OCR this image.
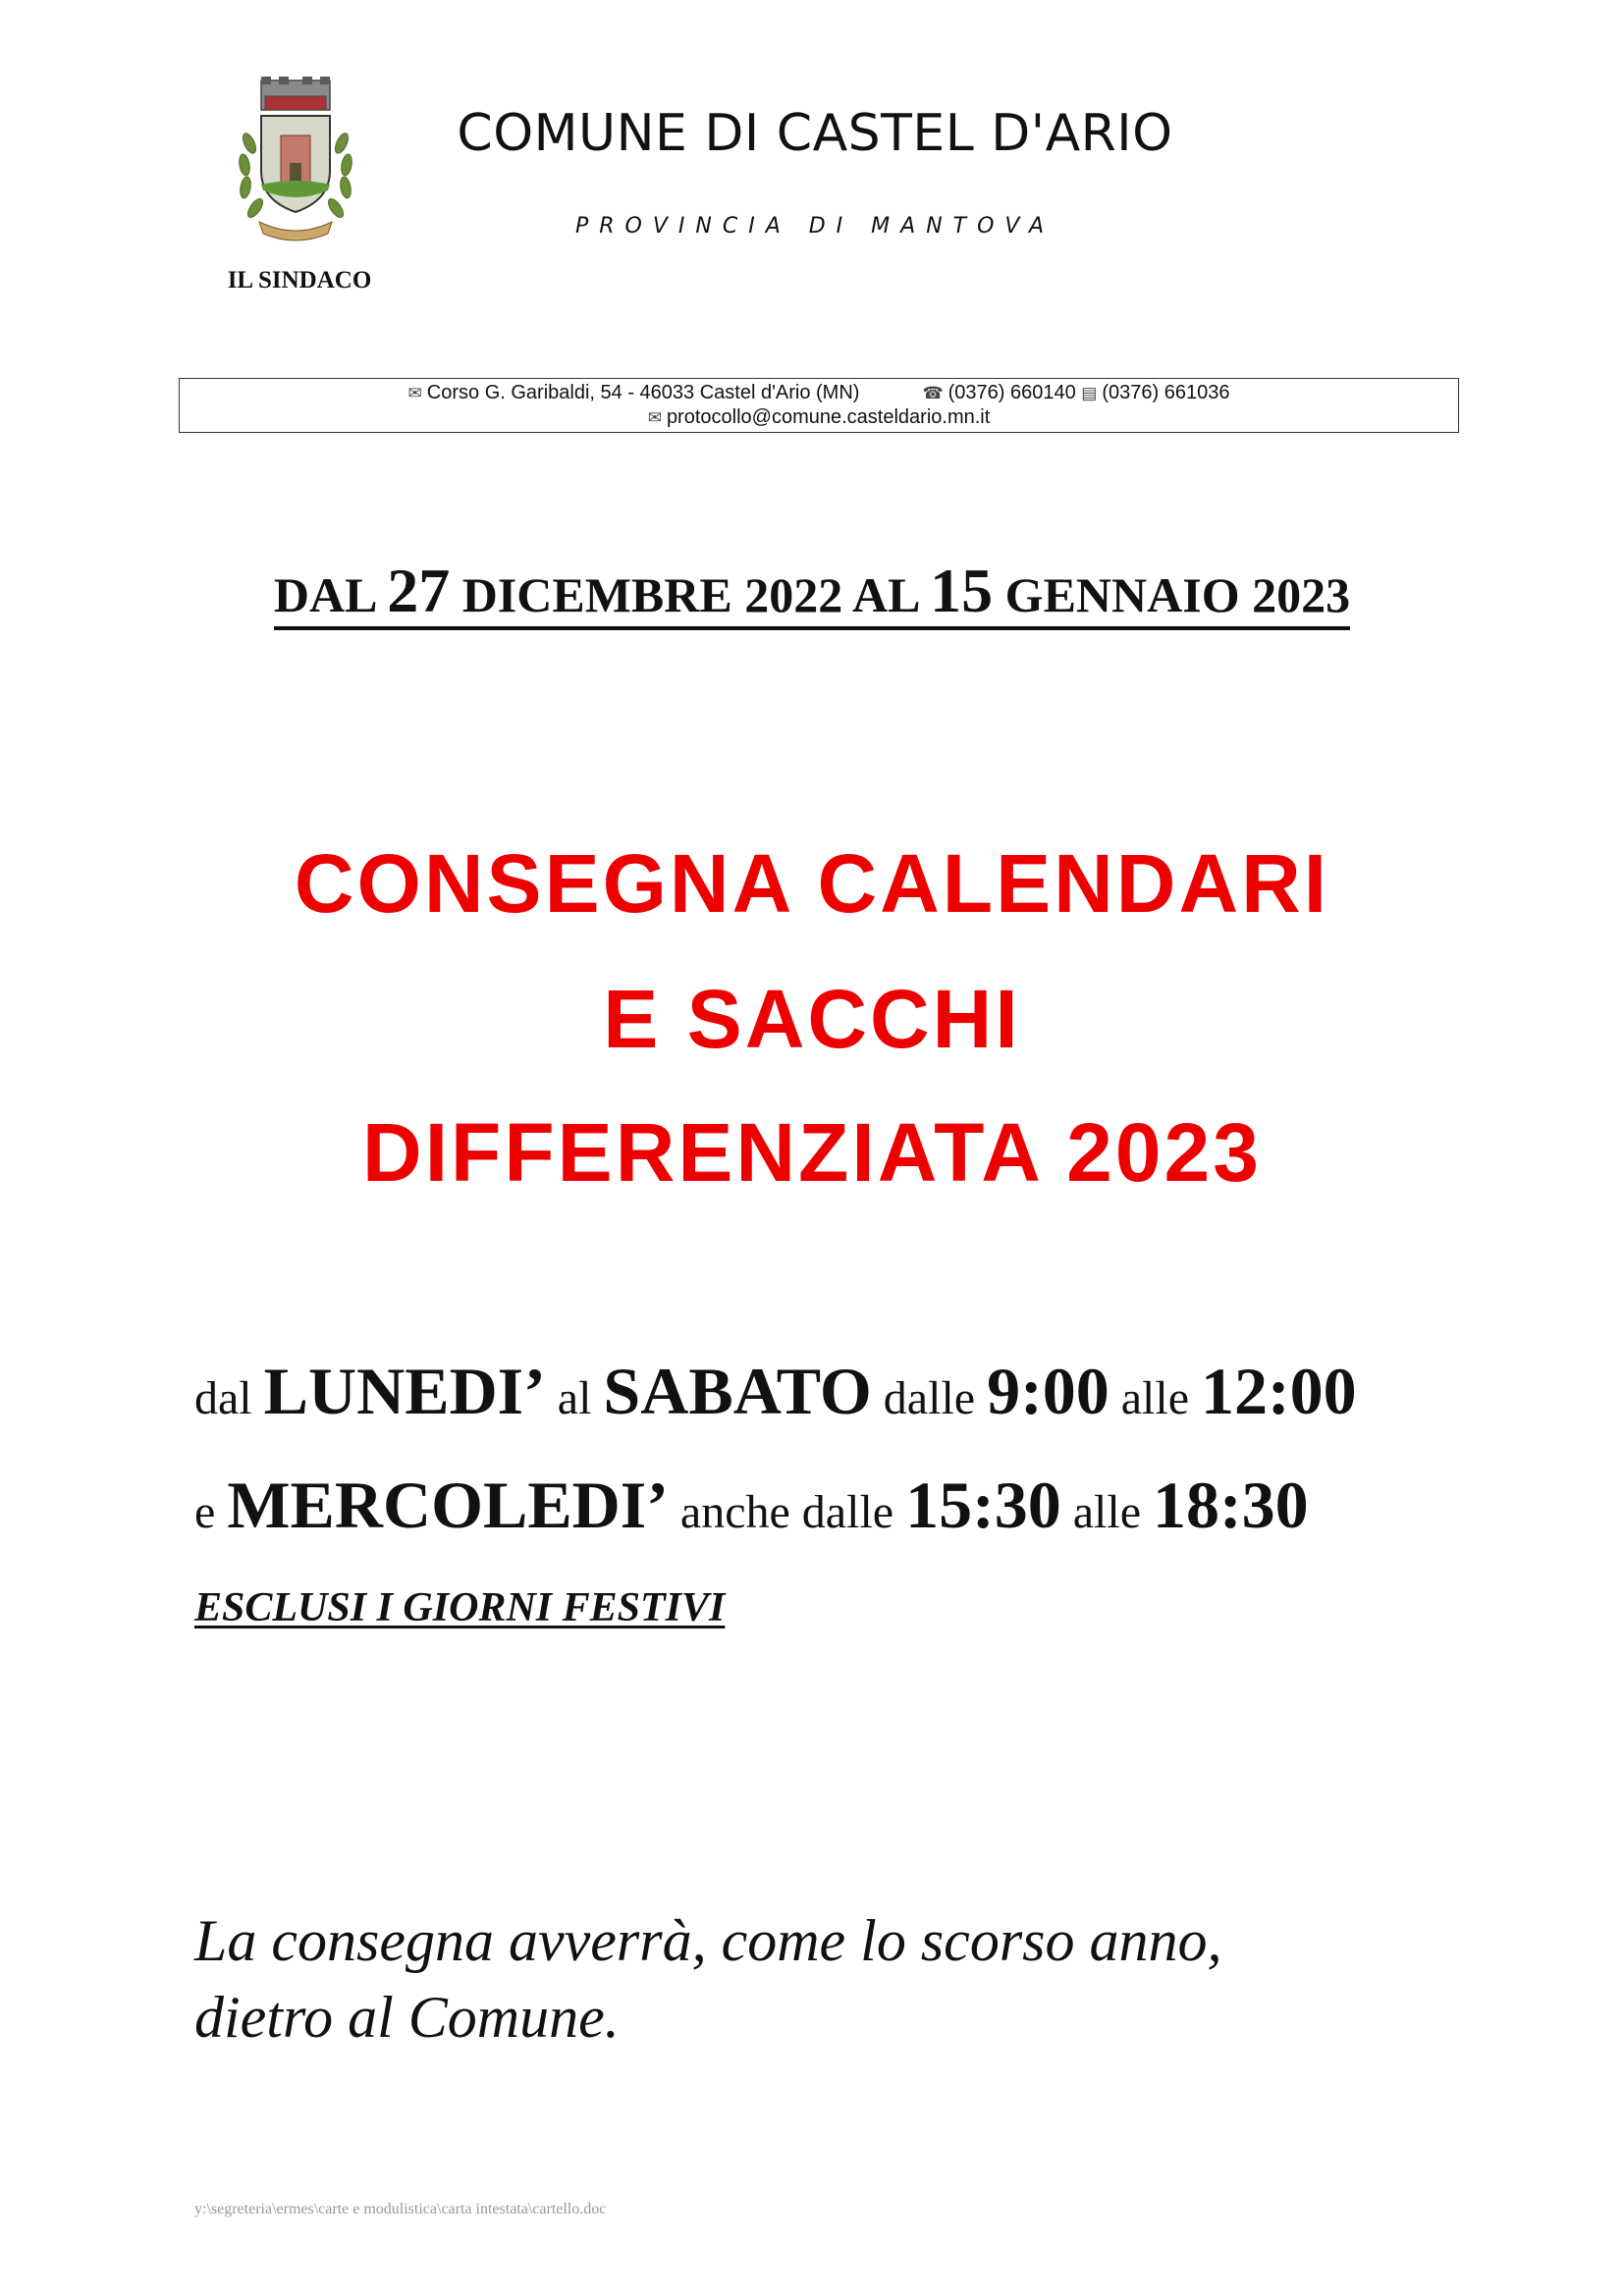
IL SINDACO
COMUNE DI CASTEL D'ARIO
PROVINCIA DI MANTOVA
✉ Corso G. Garibaldi, 54 - 46033 Castel d'Ario (MN)	☎ (0376) 660140 ▤ (0376) 661036
✉ protocollo@comune.casteldario.mn.it
DAL 27 DICEMBRE 2022 AL 15 GENNAIO 2023
CONSEGNA CALENDARI
E SACCHI
DIFFERENZIATA 2023
dal LUNEDI’ al SABATO dalle 9:00 alle 12:00
e MERCOLEDI’ anche dalle 15:30 alle 18:30
ESCLUSI I GIORNI FESTIVI
La consegna avverrà, come lo scorso anno,
dietro al Comune.
y:\segreteria\ermes\carte e modulistica\carta intestata\cartello.doc
